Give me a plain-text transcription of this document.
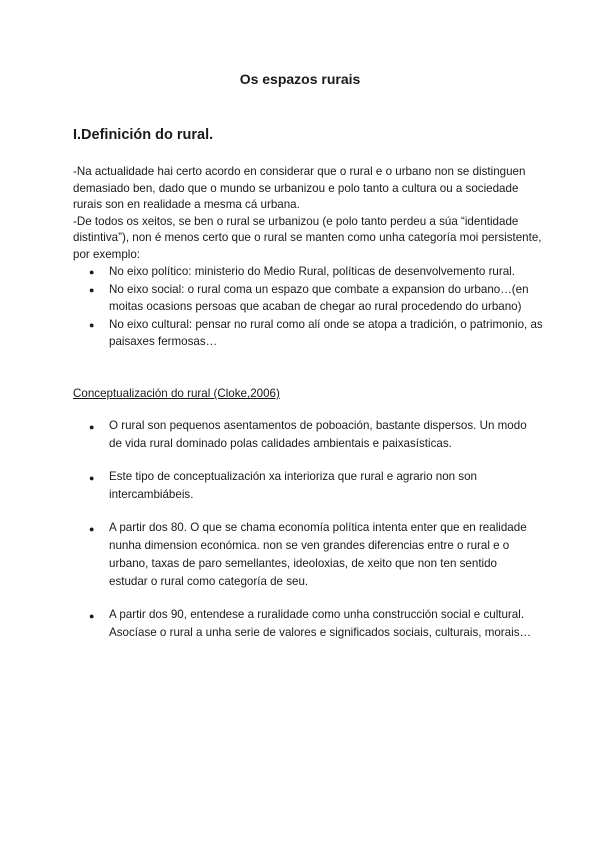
Os espazos rurais
I.Definición do rural.

-Na actualidade hai certo acordo en considerar que o rural e o urbano non se distinguen demasiado ben, dado que o mundo se urbanizou e polo tanto a cultura ou a sociedade rurais son en realidade a mesma cá urbana.

-De todos os xeitos, se ben o rural se urbanizou (e polo tanto perdeu a súa “identidade distintiva”), non é menos certo que o rural se manten como unha categoría moi persistente, por exemplo:

● No eixo político: ministerio do Medio Rural, políticas de desenvolvemento rural.
● No eixo social: o rural coma un espazo que combate a expansion do urbano…(en moitas ocasions persoas que acaban de chegar ao rural procedendo do urbano)
● No eixo cultural: pensar no rural como alí onde se atopa a tradición, o patrimonio, as paisaxes fermosas…

Conceptualización do rural (Cloke,2006)

● O rural son pequenos asentamentos de poboación, bastante dispersos. Un modo de vida rural dominado polas calidades ambientais e paixasísticas.
● Este tipo de conceptualización xa interioriza que rural e agrario non son intercambiábeis.
● A partir dos 80. O que se chama economía política intenta enter que en realidade nunha dimension económica. non se ven grandes diferencias entre o rural e o urbano, taxas de paro semellantes, ideoloxias, de xeito que non ten sentido estudar o rural como categoría de seu.
● A partir dos 90, entendese a ruralidade como unha construcción social e cultural. Asocíase o rural a unha serie de valores e significados sociais, culturais, morais…
